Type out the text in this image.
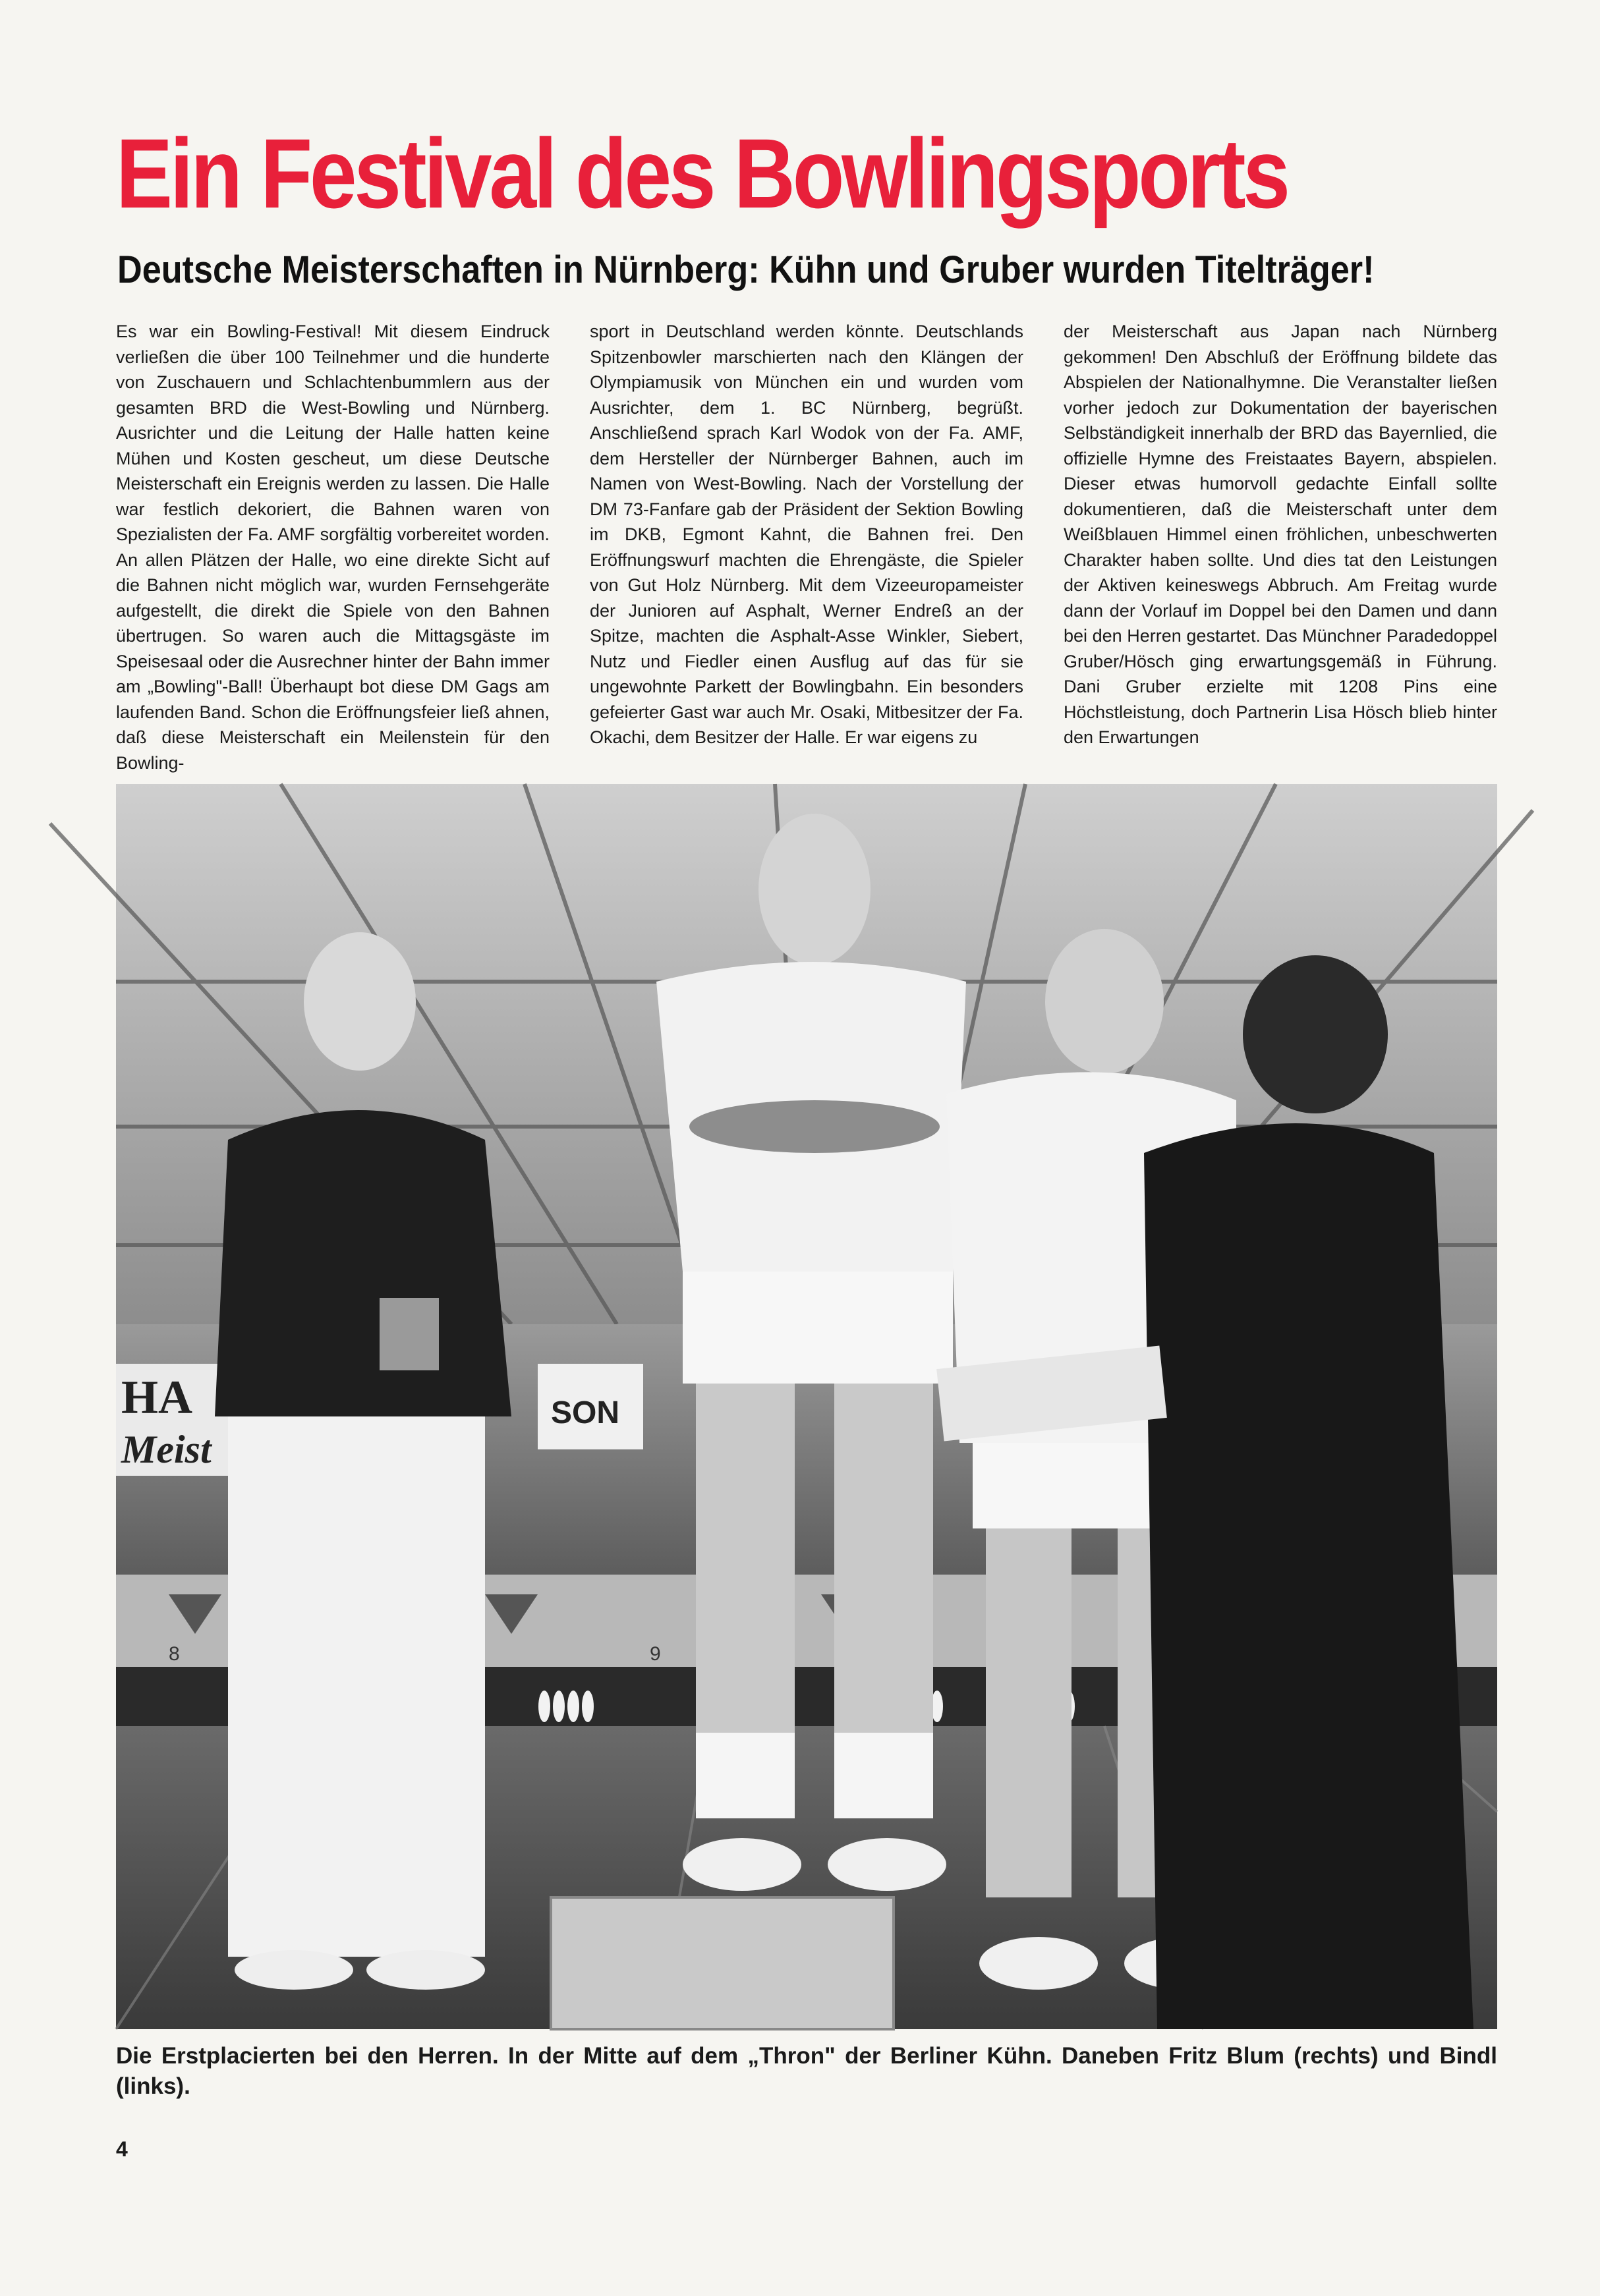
Ein Festival des Bowlingsports
Deutsche Meisterschaften in Nürnberg: Kühn und Gruber wurden Titelträger!

Es war ein Bowling-Festival! Mit diesem Eindruck verließen die über 100 Teilnehmer und die hunderte von Zuschauern und Schlachtenbummlern aus der gesamten BRD die West-Bowling und Nürnberg. Ausrichter und die Leitung der Halle hatten keine Mühen und Kosten gescheut, um diese Deutsche Meisterschaft ein Ereignis werden zu lassen. Die Halle war festlich dekoriert, die Bahnen waren von Spezialisten der Fa. AMF sorgfältig vorbereitet worden. An allen Plätzen der Halle, wo eine direkte Sicht auf die Bahnen nicht möglich war, wurden Fernsehgeräte aufgestellt, die direkt die Spiele von den Bahnen übertrugen. So waren auch die Mittagsgäste im Speisesaal oder die Ausrechner hinter der Bahn immer am „Bowling"-Ball! Überhaupt bot diese DM Gags am laufenden Band. Schon die Eröffnungsfeier ließ ahnen, daß diese Meisterschaft ein Meilenstein für den Bowling-

sport in Deutschland werden könnte. Deutschlands Spitzenbowler marschierten nach den Klängen der Olympiamusik von München ein und wurden vom Ausrichter, dem 1. BC Nürnberg, begrüßt. Anschließend sprach Karl Wodok von der Fa. AMF, dem Hersteller der Nürnberger Bahnen, auch im Namen von West-Bowling. Nach der Vorstellung der DM 73-Fanfare gab der Präsident der Sektion Bowling im DKB, Egmont Kahnt, die Bahnen frei. Den Eröffnungswurf machten die Ehrengäste, die Spieler von Gut Holz Nürnberg. Mit dem Vizeeuropameister der Junioren auf Asphalt, Werner Endreß an der Spitze, machten die Asphalt-Asse Winkler, Siebert, Nutz und Fiedler einen Ausflug auf das für sie ungewohnte Parkett der Bowlingbahn. Ein besonders gefeierter Gast war auch Mr. Osaki, Mitbesitzer der Fa. Okachi, dem Besitzer der Halle. Er war eigens zu

der Meisterschaft aus Japan nach Nürnberg gekommen! Den Abschluß der Eröffnung bildete das Abspielen der Nationalhymne. Die Veranstalter ließen vorher jedoch zur Dokumentation der bayerischen Selbständigkeit innerhalb der BRD das Bayernlied, die offizielle Hymne des Freistaates Bayern, abspielen. Dieser etwas humorvoll gedachte Einfall sollte dokumentieren, daß die Meisterschaft unter dem Weißblauen Himmel einen fröhlichen, unbeschwerten Charakter haben sollte. Und dies tat den Leistungen der Aktiven keineswegs Abbruch. Am Freitag wurde dann der Vorlauf im Doppel bei den Damen und dann bei den Herren gestartet. Das Münchner Paradedoppel Gruber/Hösch ging erwartungsgemäß in Führung. Dani Gruber erzielte mit 1208 Pins eine Höchstleistung, doch Partnerin Lisa Hösch blieb hinter den Erwartungen

HA
Meist
SON
8	9

Die Erstplacierten bei den Herren. In der Mitte auf dem „Thron" der Berliner Kühn. Daneben Fritz Blum (rechts) und Bindl (links).

4
